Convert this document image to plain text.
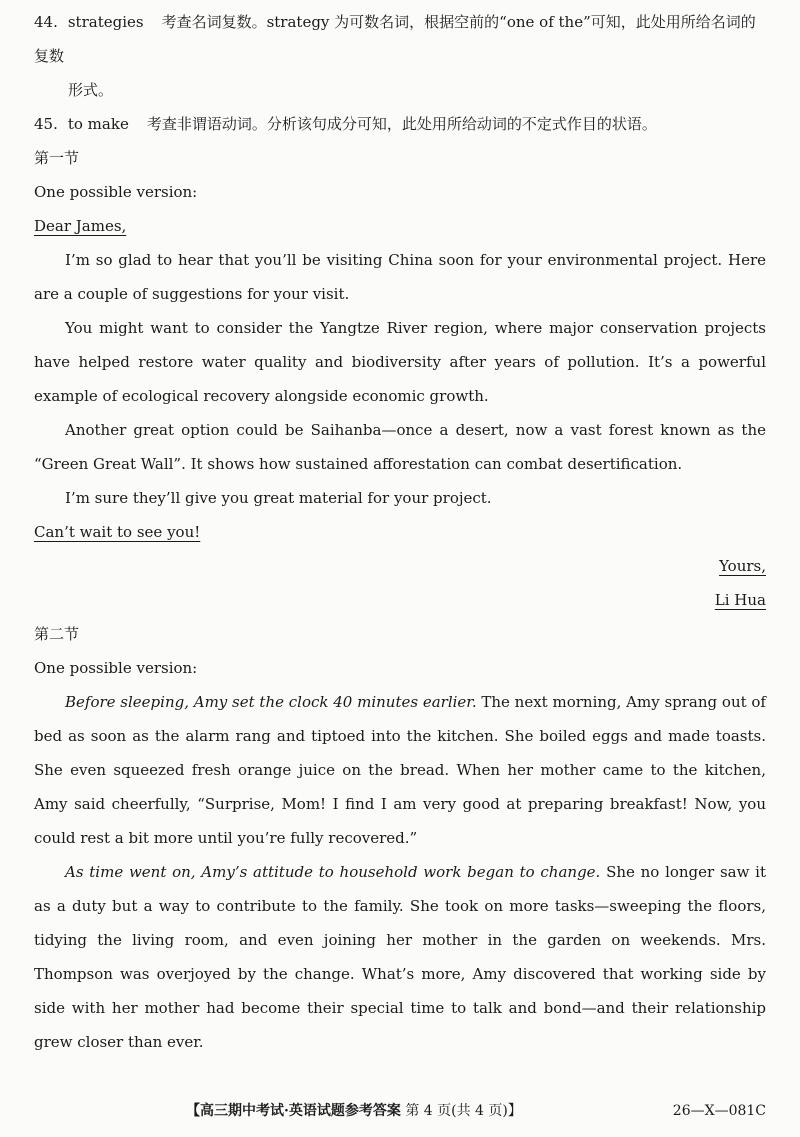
44. strategies 考查名词复数。strategy 为可数名词，根据空前的“one of the”可知，此处用所给名词的复数

形式。

45. to make 考查非谓语动词。分析该句成分可知，此处用所给动词的不定式作目的状语。

第一节

One possible version:

Dear James,

I’m so glad to hear that you’ll be visiting China soon for your environmental project. Here are a couple of suggestions for your visit.

You might want to consider the Yangtze River region, where major conservation projects have helped restore water quality and biodiversity after years of pollution. It’s a powerful example of ecological recovery alongside economic growth.

Another great option could be Saihanba—once a desert, now a vast forest known as the “Green Great Wall”. It shows how sustained afforestation can combat desertification.

I’m sure they’ll give you great material for your project.

Can’t wait to see you!

Yours,

Li Hua

第二节

One possible version:

Before sleeping, Amy set the clock 40 minutes earlier. The next morning, Amy sprang out of bed as soon as the alarm rang and tiptoed into the kitchen. She boiled eggs and made toasts. She even squeezed fresh orange juice on the bread. When her mother came to the kitchen, Amy said cheerfully, “Surprise, Mom! I find I am very good at preparing breakfast! Now, you could rest a bit more until you’re fully recovered.”

As time went on, Amy’s attitude to household work began to change. She no longer saw it as a duty but a way to contribute to the family. She took on more tasks—sweeping the floors, tidying the living room, and even joining her mother in the garden on weekends. Mrs. Thompson was overjoyed by the change. What’s more, Amy discovered that working side by side with her mother had become their special time to talk and bond—and their relationship grew closer than ever.

【高三期中考试·英语试题参考答案 第 4 页(共 4 页)】	26—X—081C
